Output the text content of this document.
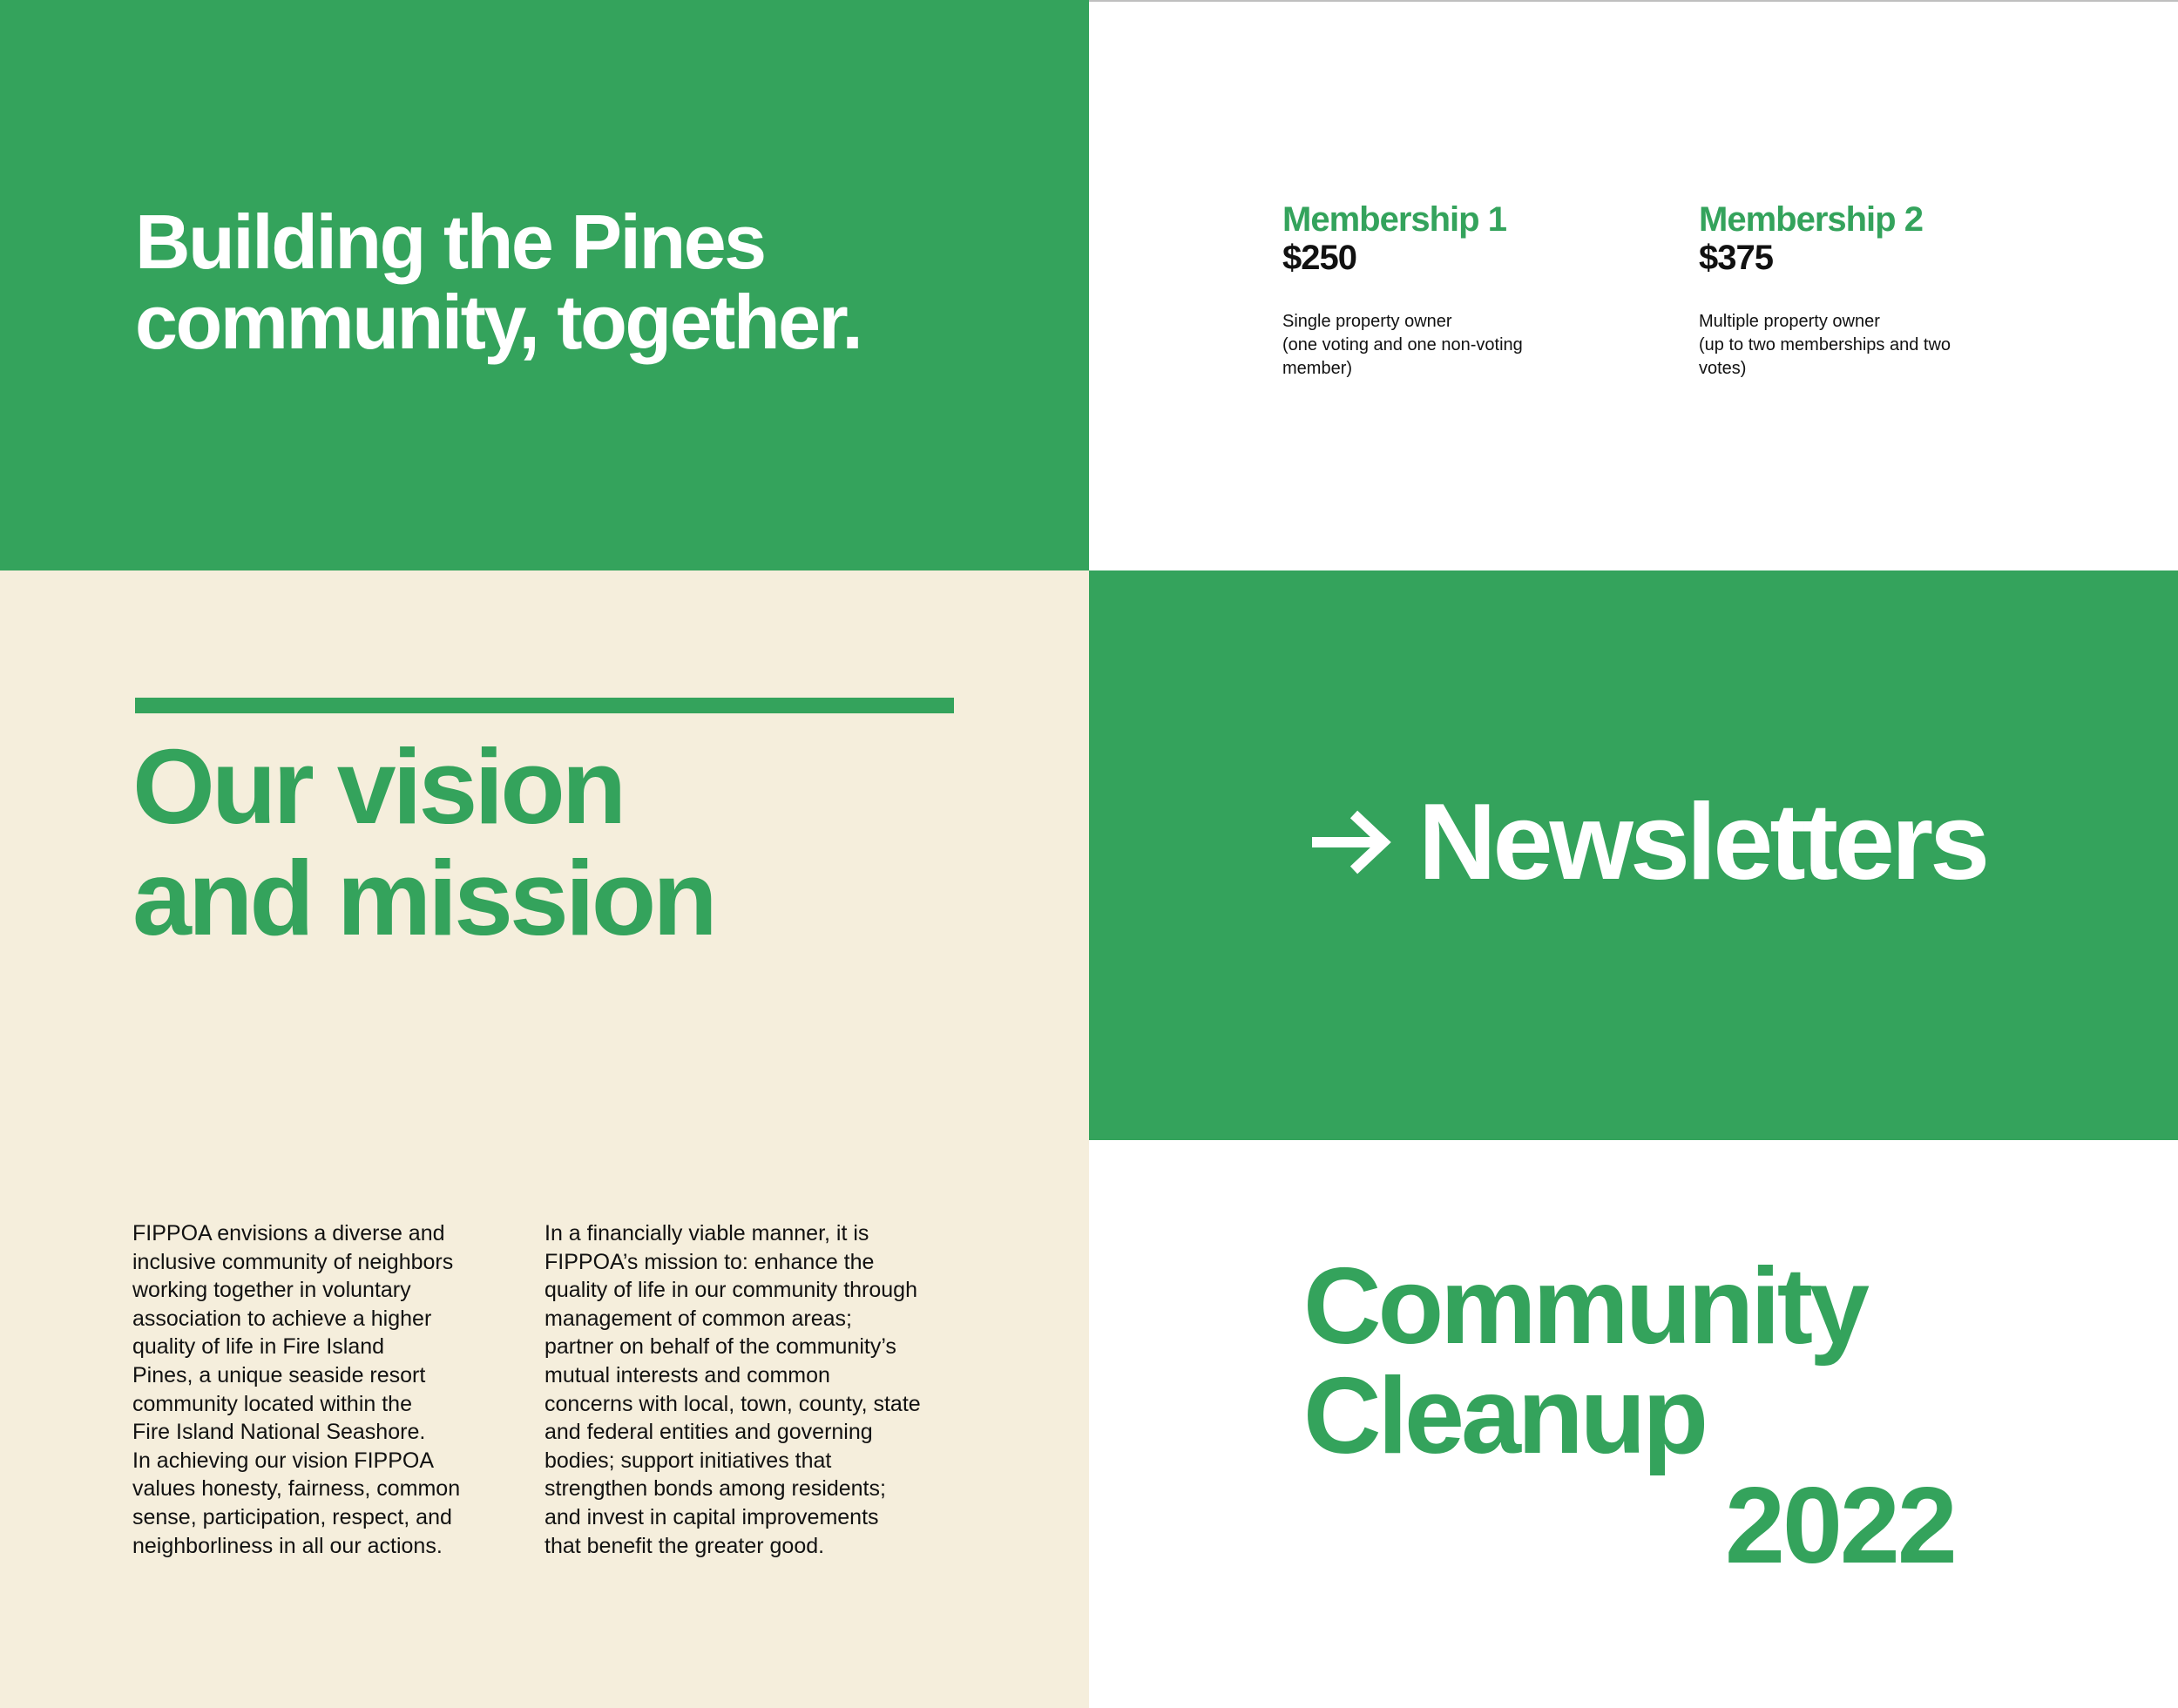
Building the Pines
community, together.
Membership 1
$250
Single property owner
(one voting and one non-voting
member)
Membership 2
$375
Multiple property owner
(up to two memberships and two
votes)
Our vision
and mission
FIPPOA envisions a diverse and
inclusive community of neighbors
working together in voluntary
association to achieve a higher
quality of life in Fire Island
Pines, a unique seaside resort
community located within the
Fire Island National Seashore.
In achieving our vision FIPPOA
values honesty, fairness, common
sense, participation, respect, and
neighborliness in all our actions.
In a financially viable manner, it is
FIPPOA’s mission to: enhance the
quality of life in our community through
management of common areas;
partner on behalf of the community’s
mutual interests and common
concerns with local, town, county, state
and federal entities and governing
bodies; support initiatives that
strengthen bonds among residents;
and invest in capital improvements
that benefit the greater good.
Newsletters
Community
Cleanup
2022
